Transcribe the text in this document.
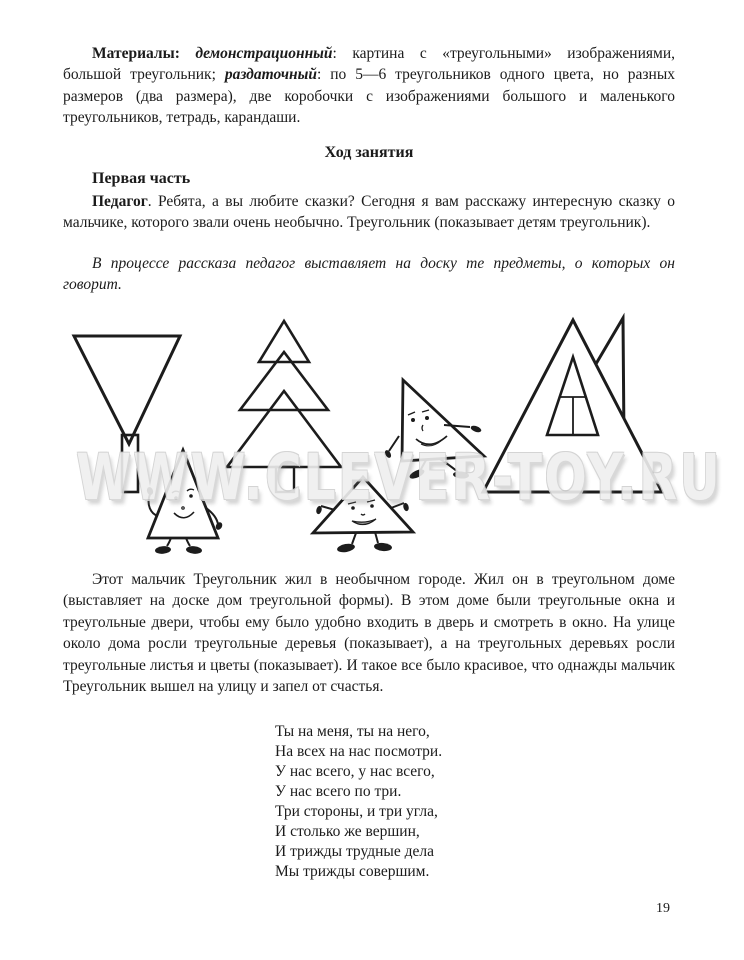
Материалы: демонстрационный: картина с «треугольными» изображениями, большой треугольник; раздаточный: по 5—6 треугольников одного цвета, но разных размеров (два размера), две коробочки с изображениями большого и маленького треугольников, тетрадь, карандаши.
Ход занятия
Первая часть
Педагог. Ребята, а вы любите сказки? Сегодня я вам расскажу интересную сказку о мальчике, которого звали очень необычно. Треугольник (показывает детям треугольник).
В процессе рассказа педагог выставляет на доску те предметы, о которых он говорит.
WWW.CLEVER-TOY.RU
Этот мальчик Треугольник жил в необычном городе. Жил он в треугольном доме (выставляет на доске дом треугольной формы). В этом доме были треугольные окна и треугольные двери, чтобы ему было удобно входить в дверь и смотреть в окно. На улице около дома росли треугольные деревья (показывает), а на треугольных деревьях росли треугольные листья и цветы (показывает). И такое все было красивое, что однажды мальчик Треугольник вышел на улицу и запел от счастья.
Ты на меня, ты на него,
На всех на нас посмотри.
У нас всего, у нас всего,
У нас всего по три.
Три стороны, и три угла,
И столько же вершин,
И трижды трудные дела
Мы трижды совершим.
19
